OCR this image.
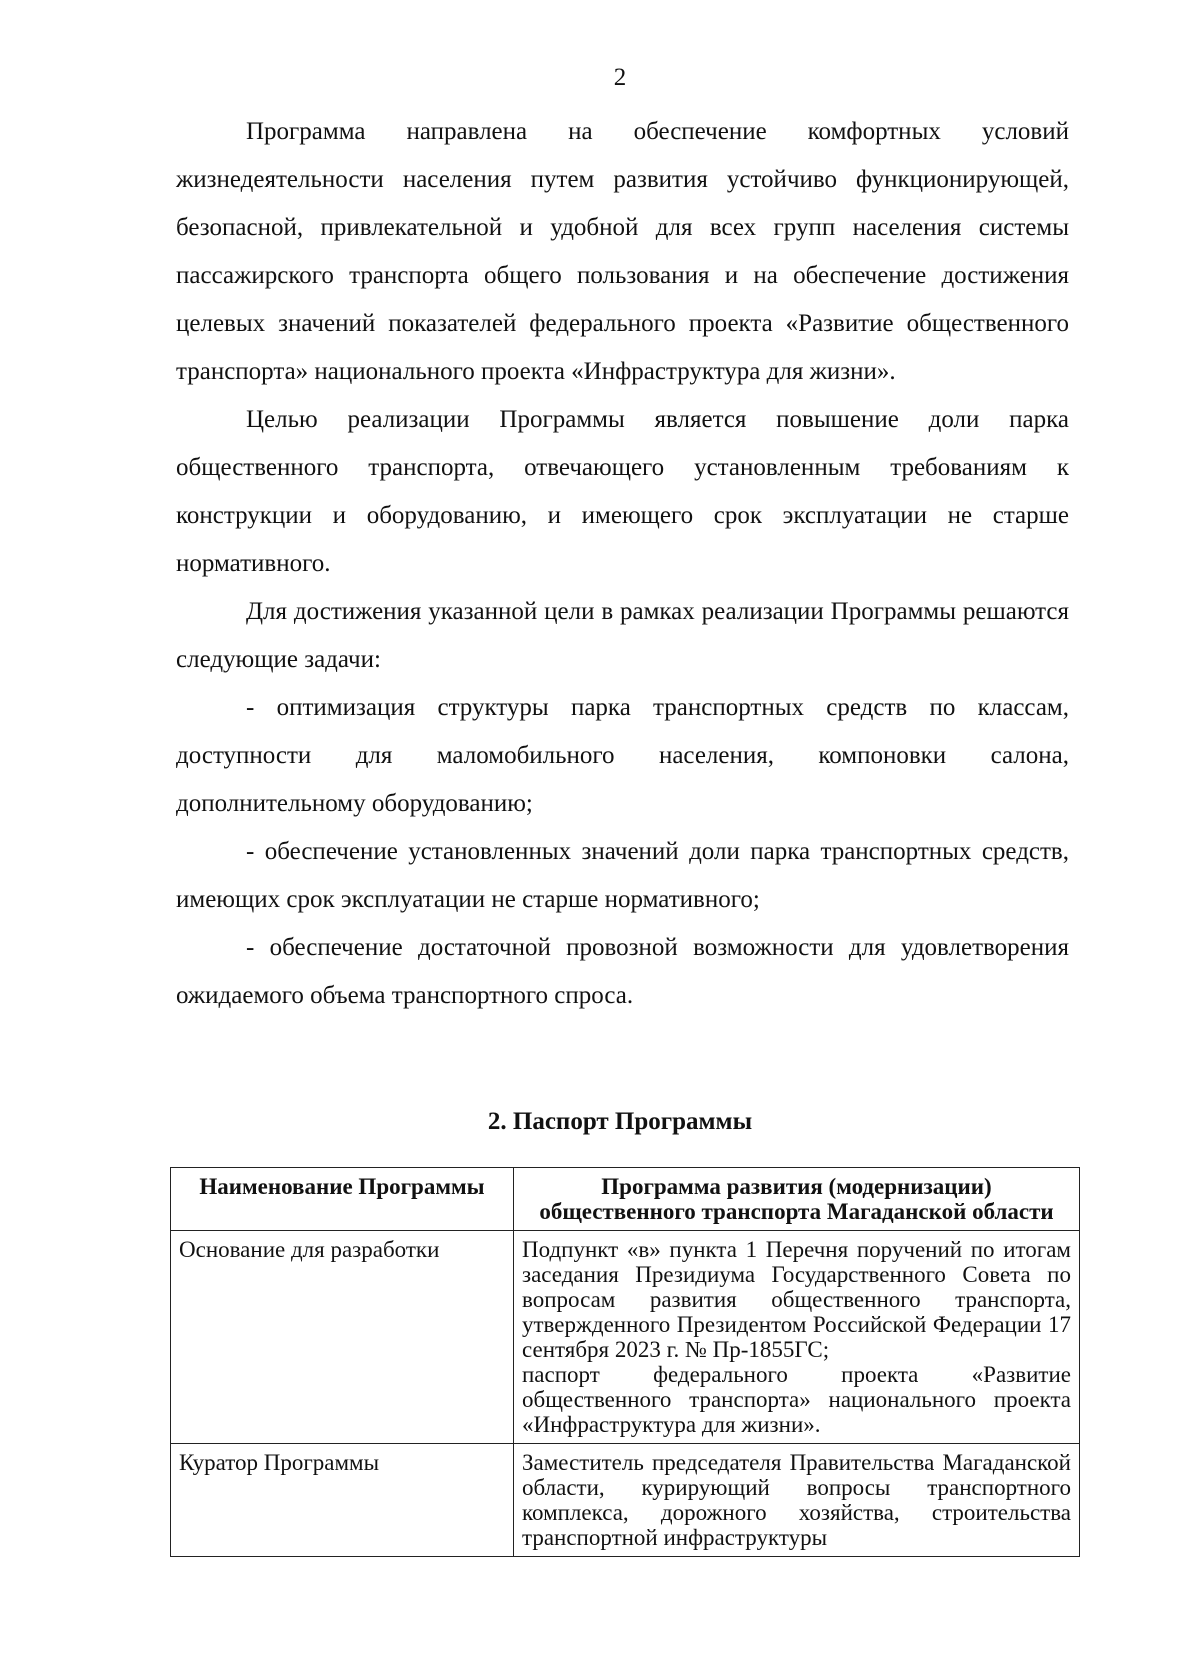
2

Программа направлена на обеспечение комфортных условий жизнедеятельности населения путем развития устойчиво функционирующей, безопасной, привлекательной и удобной для всех групп населения системы пассажирского транспорта общего пользования и на обеспечение достижения целевых значений показателей федерального проекта «Развитие общественного транспорта» национального проекта «Инфраструктура для жизни».

Целью реализации Программы является повышение доли парка общественного транспорта, отвечающего установленным требованиям к конструкции и оборудованию, и имеющего срок эксплуатации не старше нормативного.

Для достижения указанной цели в рамках реализации Программы решаются следующие задачи:

- оптимизация структуры парка транспортных средств по классам, доступности для маломобильного населения, компоновки салона, дополнительному оборудованию;

- обеспечение установленных значений доли парка транспортных средств, имеющих срок эксплуатации не старше нормативного;

- обеспечение достаточной провозной возможности для удовлетворения ожидаемого объема транспортного спроса.

2. Паспорт Программы
Наименование Программы	Программа развития (модернизации) общественного транспорта Магаданской области
Основание для разработки	Подпункт «в» пункта 1 Перечня поручений по итогам заседания Президиума Государственного Совета по вопросам развития общественного транспорта, утвержденного Президентом Российской Федерации 17 сентября 2023 г. № Пр-1855ГС;
паспорт федерального проекта «Развитие общественного транспорта» национального проекта «Инфраструктура для жизни».

Куратор Программы	Заместитель председателя Правительства Магаданской области, курирующий вопросы транспортного комплекса, дорожного хозяйства, строительства транспортной инфраструктуры
